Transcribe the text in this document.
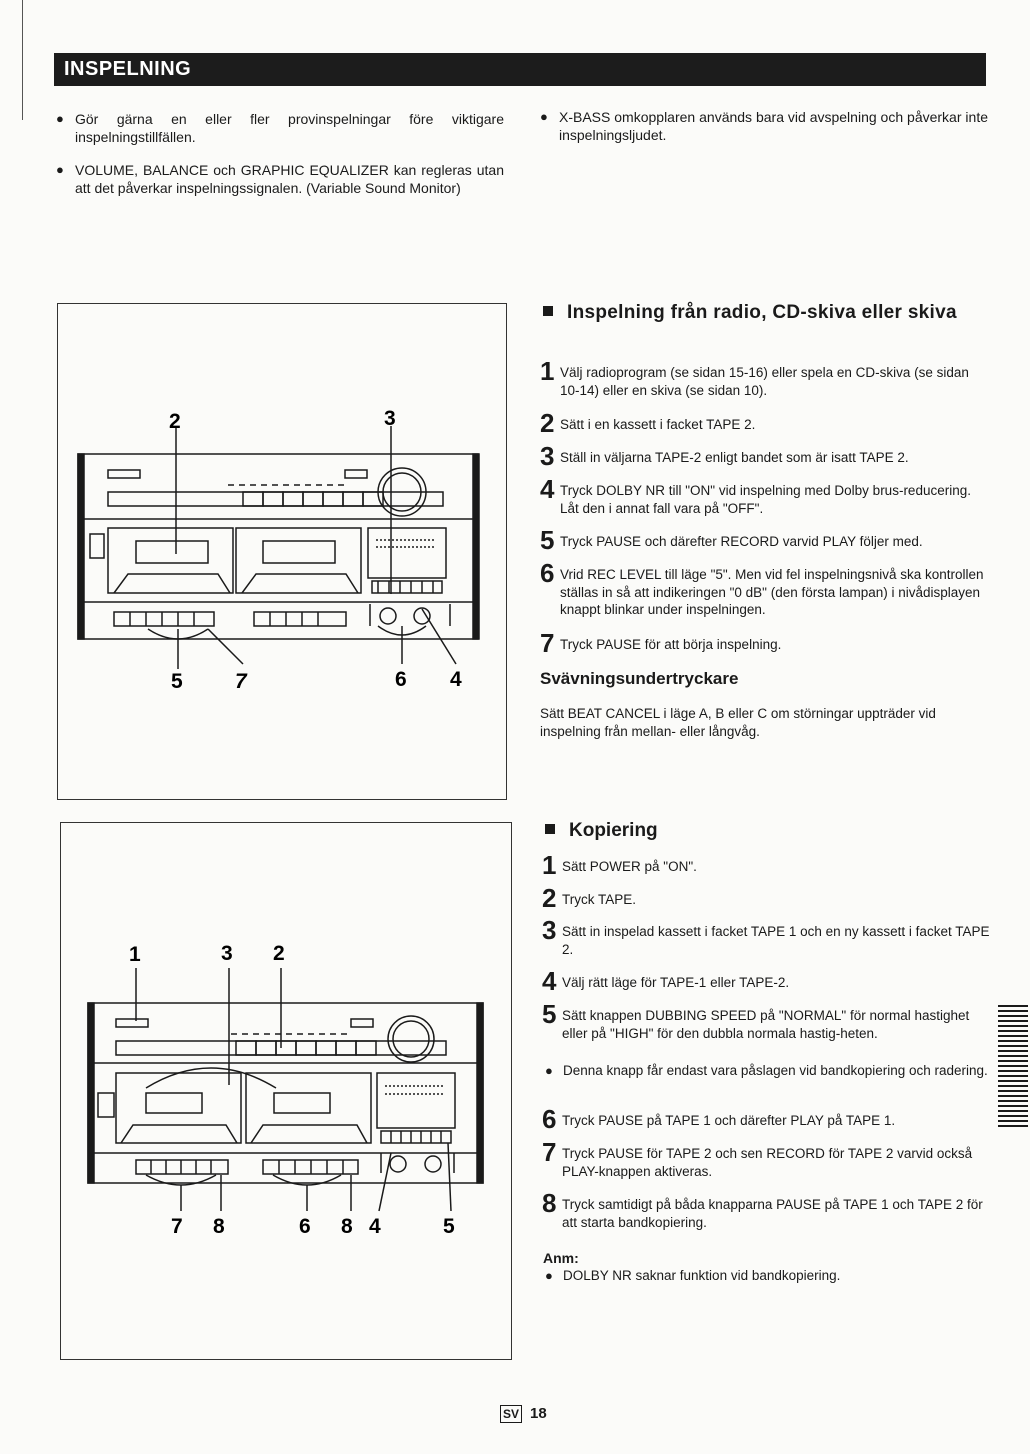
INSPELNING
● Gör gärna en eller fler provinspelningar före viktigare inspelningstillfällen.
● VOLUME, BALANCE och GRAPHIC EQUALIZER kan regleras utan att det påverkar inspelningssignalen. (Variable Sound Monitor)
● X-BASS omkopplaren används bara vid avspelning och påverkar inte inspelningsljudet.
2	3
5 7	6 4
Inspelning från radio, CD-skiva eller skiva
1 Välj radioprogram (se sidan 15-16) eller spela en CD-skiva (se sidan 10-14) eller en skiva (se sidan 10).
2 Sätt i en kassett i facket TAPE 2.
3 Ställ in väljarna TAPE-2 enligt bandet som är isatt TAPE 2.
4 Tryck DOLBY NR till "ON" vid inspelning med Dolby brus-reducering. Låt den i annat fall vara på "OFF".
5 Tryck PAUSE och därefter RECORD varvid PLAY följer med.
6 Vrid REC LEVEL till läge "5". Men vid fel inspelningsnivå ska kontrollen ställas in så att indikeringen "0 dB" (den första lampan) i nivådisplayen knappt blinkar under inspelningen.
7 Tryck PAUSE för att börja inspelning.
Svävningsundertryckare
Sätt BEAT CANCEL i läge A, B eller C om störningar uppträder vid inspelning från mellan- eller långvåg.
1	3 2
7 8	6 8 4	5
Kopiering
1 Sätt POWER på "ON".
2 Tryck TAPE.
3 Sätt in inspelad kassett i facket TAPE 1 och en ny kassett i facket TAPE 2.
4 Välj rätt läge för TAPE-1 eller TAPE-2.
5 Sätt knappen DUBBING SPEED på "NORMAL" för normal hastighet eller på "HIGH" för den dubbla normala hastig-heten.
● Denna knapp får endast vara påslagen vid bandkopiering och radering.
6 Tryck PAUSE på TAPE 1 och därefter PLAY på TAPE 1.
7 Tryck PAUSE för TAPE 2 och sen RECORD för TAPE 2 varvid också PLAY-knappen aktiveras.
8 Tryck samtidigt på båda knapparna PAUSE på TAPE 1 och TAPE 2 för att starta bandkopiering.
Anm:
● DOLBY NR saknar funktion vid bandkopiering.
SV 18
